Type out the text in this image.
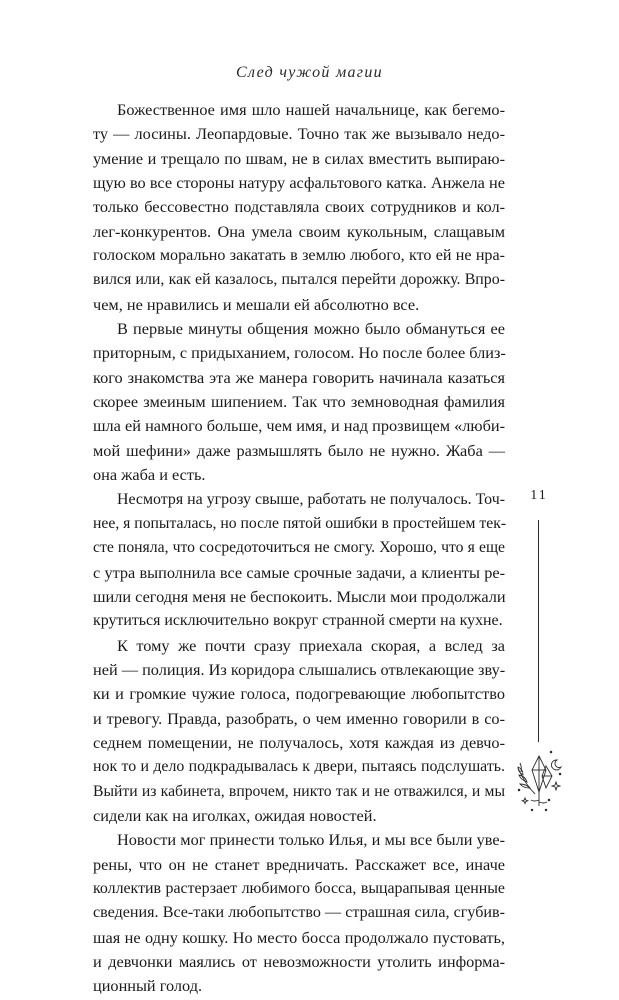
След чужой магии
Божественное имя шло нашей начальнице, как бегемо-
ту — лосины. Леопардовые. Точно так же вызывало недо-
умение и трещало по швам, не в силах вместить выпираю-
щую во все стороны натуру асфальтового катка. Анжела не
только бессовестно подставляла своих сотрудников и кол-
лег-конкурентов. Она умела своим кукольным, слащавым
голоском морально закатать в землю любого, кто ей не нра-
вился или, как ей казалось, пытался перейти дорожку. Впро-
чем, не нравились и мешали ей абсолютно все.
В первые минуты общения можно было обмануться ее
приторным, с придыханием, голосом. Но после более близ-
кого знакомства эта же манера говорить начинала казаться
скорее змеиным шипением. Так что земноводная фамилия
шла ей намного больше, чем имя, и над прозвищем «люби-
мой шефини» даже размышлять было не нужно. Жаба —
она жаба и есть.
Несмотря на угрозу свыше, работать не получалось. Точ-
нее, я попыталась, но после пятой ошибки в простейшем тек-
сте поняла, что сосредоточиться не смогу. Хорошо, что я еще
с утра выполнила все самые срочные задачи, а клиенты ре-
шили сегодня меня не беспокоить. Мысли мои продолжали
крутиться исключительно вокруг странной смерти на кухне.
К тому же почти сразу приехала скорая, а вслед за
ней — полиция. Из коридора слышались отвлекающие зву-
ки и громкие чужие голоса, подогревающие любопытство
и тревогу. Правда, разобрать, о чем именно говорили в со-
седнем помещении, не получалось, хотя каждая из девчо-
нок то и дело подкрадывалась к двери, пытаясь подслушать.
Выйти из кабинета, впрочем, никто так и не отважился, и мы
сидели как на иголках, ожидая новостей.
Новости мог принести только Илья, и мы все были уве-
рены, что он не станет вредничать. Расскажет все, иначе
коллектив растерзает любимого босса, выцарапывая ценные
сведения. Все-таки любопытство — страшная сила, сгубив-
шая не одну кошку. Но место босса продолжало пустовать,
и девчонки маялись от невозможности утолить информа-
ционный голод.
11
